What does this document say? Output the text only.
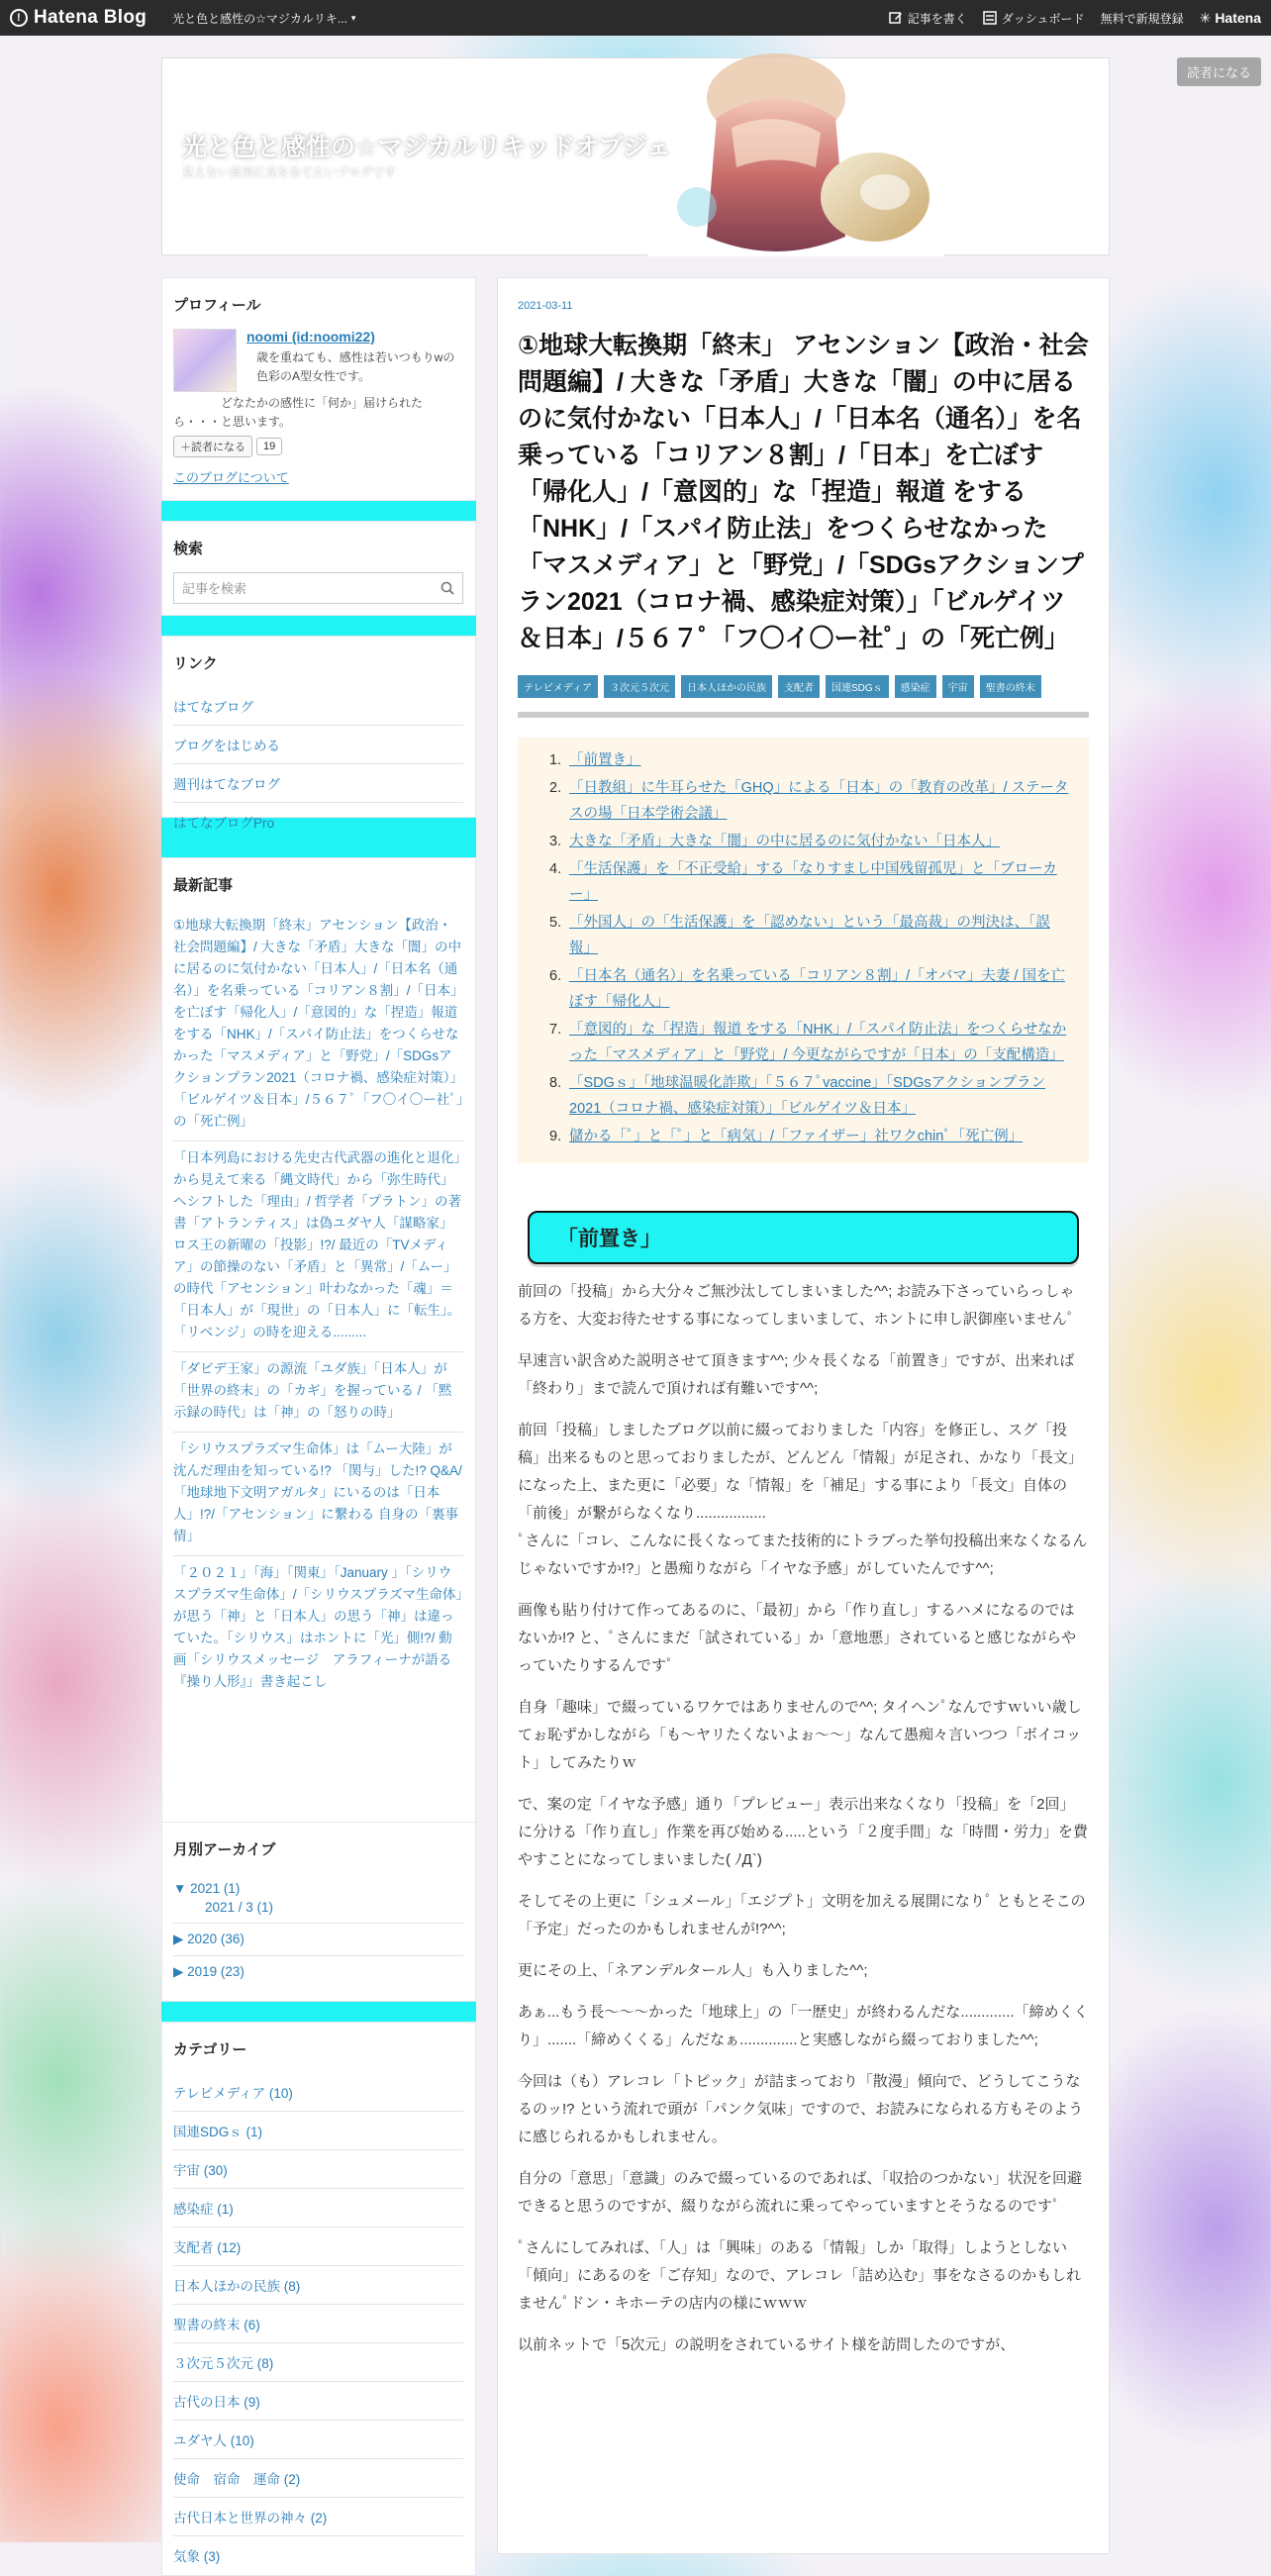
! Hatena Blog 光と色と感性の☆マジカルリキ... ▾	記事を書く	ダッシュボード 無料で新規登録 ✳ Hatena
読者になる
光と色と感性の☆マジカルリキッドオブジェ
見えない真実に光をあてたいブログです
プロフィール
noomi (id:noomi22)
歳を重ねても、感性は若いつもりwの色彩のA型女性です。
どなたかの感性に「何か」届けられたら・・・と思います。
＋読者になる	19
このブログについて
検索
記事を検索
リンク
はてなブログ
ブログをはじめる
週刊はてなブログ
はてなブログPro
最新記事
①地球大転換期「終末」アセンション【政治・社会問題編】/ 大きな「矛盾」大きな「闇」の中に居るのに気付かない「日本人」/「日本名（通名）」を名乗っている「コリアン８割」/「日本」を亡ぼす「帰化人」/「意図的」な「捏造」報道 をする「NHK」/「スパイ防止法」をつくらせなかった「マスメディア」と「野党」/「SDGsアクションプラン2021（コロナ禍、感染症対策）」「ビルゲイツ＆日本」/５６７ﾟ「フ〇イ〇ー社ﾟ」の「死亡例」
「日本列島における先史古代武器の進化と退化」から見えて来る「縄文時代」から「弥生時代」へシフトした「理由」/ 哲学者「プラトン」の著書「アトランティス」は偽ユダヤ人「謀略家」ロス王の新曜の「投影」!?/ 最近の「TVメディア」の節操のない「矛盾」と「異常」/「ムー」の時代「アセンション」叶わなかった「魂」＝「日本人」が「現世」の「日本人」に「転生」。「リベンジ」の時を迎える.........
「ダビデ王家」の源流「ユダ族」「日本人」が「世界の終末」の「カギ」を握っている / 「黙示録の時代」は「神」の「怒りの時」
「シリウスプラズマ生命体」は「ムー大陸」が沈んだ理由を知っている!? 「関与」した!? Q&A/ 「地球地下文明アガルタ」にいるのは「日本人」!?/「アセンション」に繋わる 自身の「裏事情」
「２０２１」「海」「関東」「January 」「シリウスプラズマ生命体」/「シリウスプラズマ生命体」が思う「神」と「日本人」の思う「神」は違っていた。「シリウス」はホントに「光」側!?/ 動画「シリウスメッセージ　アラフィーナが語る『操り人形』」書き起こし
月別アーカイブ
▼ 2021 (1)
2021 / 3 (1)
▶ 2020 (36)
▶ 2019 (23)
カテゴリー
テレビメディア (10)
国連SDGｓ (1)
宇宙 (30)
感染症 (1)
支配者 (12)
日本人ほかの民族 (8)
聖書の終末 (6)
３次元５次元 (8)
古代の日本 (9)
ユダヤ人 (10)
使命　宿命　運命 (2)
古代日本と世界の神々 (2)
気象 (3)
2021-03-11
①地球大転換期「終末」 アセンション【政治・社会問題編】/ 大きな「矛盾」大きな「闇」の中に居るのに気付かない「日本人」/「日本名（通名）」を名乗っている「コリアン８割」/「日本」を亡ぼす「帰化人」/「意図的」な「捏造」報道 をする「NHK」/「スパイ防止法」をつくらせなかった「マスメディア」と「野党」/「SDGsアクションプラン2021（コロナ禍、感染症対策）」「ビルゲイツ＆日本」/５６７ﾟ「フ〇イ〇ー社ﾟ」の「死亡例」
テレビメディア	３次元５次元	日本人ほかの民族	支配者	国連SDGｓ	感染症	宇宙	聖書の終末
「前置き」
「日教組」に牛耳らせた「GHQ」による「日本」の「教育の改革」/ ステータスの場「日本学術会議」
大きな「矛盾」大きな「闇」の中に居るのに気付かない「日本人」
「生活保護」を「不正受給」する「なりすまし中国残留孤児」と「ブローカー」
「外国人」の「生活保護」を「認めない」という「最高裁」の判決は、「誤報」
「日本名（通名）」を名乗っている「コリアン８割」/「オバマ」夫妻 / 国を亡ぼす「帰化人」
「意図的」な「捏造」報道 をする「NHK」/「スパイ防止法」をつくらせなかった「マスメディア」と「野党」/ 今更ながらですが「日本」の「支配構造」
「SDGｓ」「地球温暖化詐欺」「５６７ﾟvaccine」「SDGsアクションプラン2021（コロナ禍、感染症対策）」「ビルゲイツ＆日本」
儲かる「ﾟ」と「ﾟ」と「病気」/「ファイザー」社ワクchinﾟ「死亡例」
「前置き」

前回の「投稿」から大分々ご無沙汰してしまいました^^; お読み下さっていらっしゃる方を、大変お待たせする事になってしまいまして、ホントに申し訳御座いませんﾟ

早速言い訳含めた説明させて頂きます^^; 少々長くなる「前置き」ですが、出来れば「終わり」まで読んで頂ければ有難いです^^;

前回「投稿」しましたブログ以前に綴っておりました「内容」を修正し、スグ「投稿」出来るものと思っておりましたが、どんどん「情報」が足され、かなり「長文」になった上、また更に「必要」な「情報」を「補足」する事により「長文」自体の「前後」が繋がらなくなり.................
ﾟさんに「コレ、こんなに長くなってまた技術的にトラブった挙句投稿出来なくなるんじゃないですか!?」と愚痴りながら「イヤな予感」がしていたんです^^;

画像も貼り付けて作ってあるのに、「最初」から「作り直し」するハメになるのではないか!? と、ﾟさんにまだ「試されている」か「意地悪」されていると感じながらやっていたりするんですﾟ

自身「趣味」で綴っているワケではありませんので^^; タイヘンﾟなんですｗいい歳してぉ恥ずかしながら「も〜ヤリたくないよぉ〜〜」なんて愚痴々言いつつ「ボイコット」してみたりｗ

で、案の定「イヤな予感」通り「プレビュー」表示出来なくなり「投稿」を「2回」に分ける「作り直し」作業を再び始める.....という「２度手間」な「時間・労力」を費やすことになってしまいました( ﾉД`)

そしてその上更に「シュメール」「エジプト」文明を加える展開になりﾟ ともとそこの「予定」だったのかもしれませんが!?^^;

更にその上、「ネアンデルタール人」も入りました^^;

あぁ...もう長〜〜〜かった「地球上」の「一歴史」が終わるんだな.............「締めくくり」.......「締めくくる」んだなぁ..............と実感しながら綴っておりました^^;

今回は（も）アレコレ「トピック」が詰まっており「散漫」傾向で、どうしてこうなるのッ!? という流れで頭が「パンク気味」ですので、お読みになられる方もそのように感じられるかもしれません。

自分の「意思」「意識」のみで綴っているのであれば、「収拾のつかない」状況を回避できると思うのですが、綴りながら流れに乗ってやっていますとそうなるのですﾟ

ﾟさんにしてみれば、「人」は「興味」のある「情報」しか「取得」しようとしない「傾向」にあるのを「ご存知」なので、アレコレ「詰め込む」事をなさるのかもしれませんﾟドン・キホーテの店内の様にｗｗｗ

以前ネットで「5次元」の説明をされているサイト様を訪問したのですが、
